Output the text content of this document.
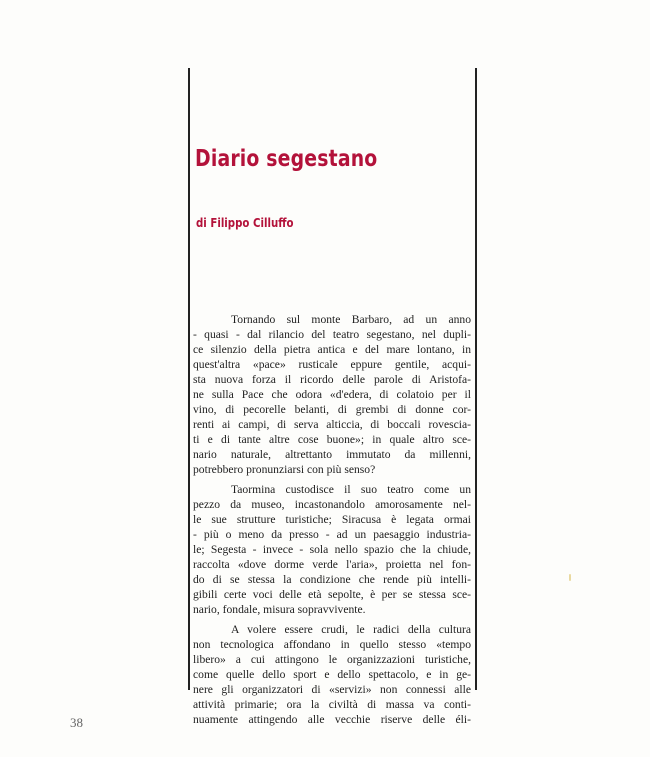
Diario segestano
di Filippo Cilluffo
Tornando sul monte Barbaro, ad un anno
- quasi - dal rilancio del teatro segestano, nel dupli-
ce silenzio della pietra antica e del mare lontano, in
quest'altra «pace» rusticale eppure gentile, acqui-
sta nuova forza il ricordo delle parole di Aristofa-
ne sulla Pace che odora «d'edera, di colatoio per il
vino, di pecorelle belanti, di grembi di donne cor-
renti ai campi, di serva alticcia, di boccali rovescia-
ti e di tante altre cose buone»; in quale altro sce-
nario naturale, altrettanto immutato da millenni,
potrebbero pronunziarsi con più senso?
Taormina custodisce il suo teatro come un
pezzo da museo, incastonandolo amorosamente nel-
le sue strutture turistiche; Siracusa è legata ormai
- più o meno da presso - ad un paesaggio industria-
le; Segesta - invece - sola nello spazio che la chiude,
raccolta «dove dorme verde l'aria», proietta nel fon-
do di se stessa la condizione che rende più intelli-
gibili certe voci delle età sepolte, è per se stessa sce-
nario, fondale, misura sopravvivente.
A volere essere crudi, le radici della cultura
non tecnologica affondano in quello stesso «tempo
libero» a cui attingono le organizzazioni turistiche,
come quelle dello sport e dello spettacolo, e in ge-
nere gli organizzatori di «servizi» non connessi alle
attività primarie; ora la civiltà di massa va conti-
nuamente attingendo alle vecchie riserve delle éli-
38
